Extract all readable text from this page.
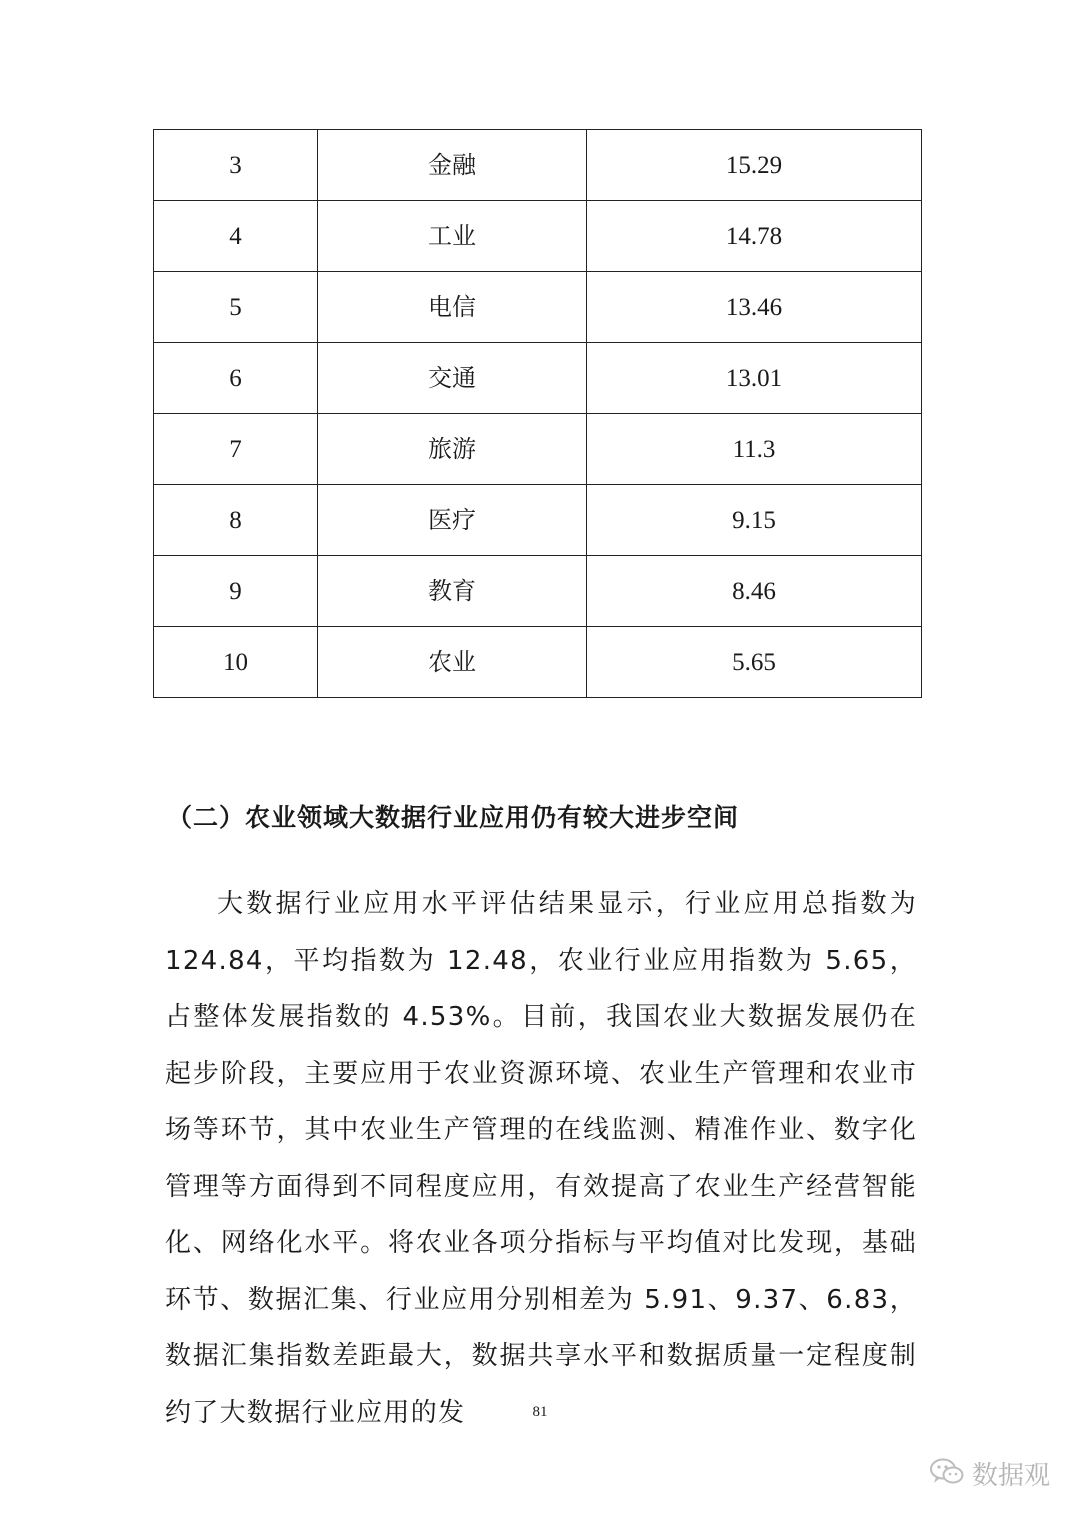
3	金融	15.29
4	工业	14.78
5	电信	13.46
6	交通	13.01
7	旅游	11.3
8	医疗	9.15
9	教育	8.46
10	农业	5.65
（二）农业领域大数据行业应用仍有较大进步空间

大数据行业应用水平评估结果显示，行业应用总指数为 124.84，平均指数为 12.48，农业行业应用指数为 5.65，占整体发展指数的 4.53%。目前，我国农业大数据发展仍在起步阶段，主要应用于农业资源环境、农业生产管理和农业市场等环节，其中农业生产管理的在线监测、精准作业、数字化管理等方面得到不同程度应用，有效提高了农业生产经营智能化、网络化水平。将农业各项分指标与平均值对比发现，基础环节、数据汇集、行业应用分别相差为 5.91、9.37、6.83，数据汇集指数差距最大，数据共享水平和数据质量一定程度制约了大数据行业应用的发	81
数据观
